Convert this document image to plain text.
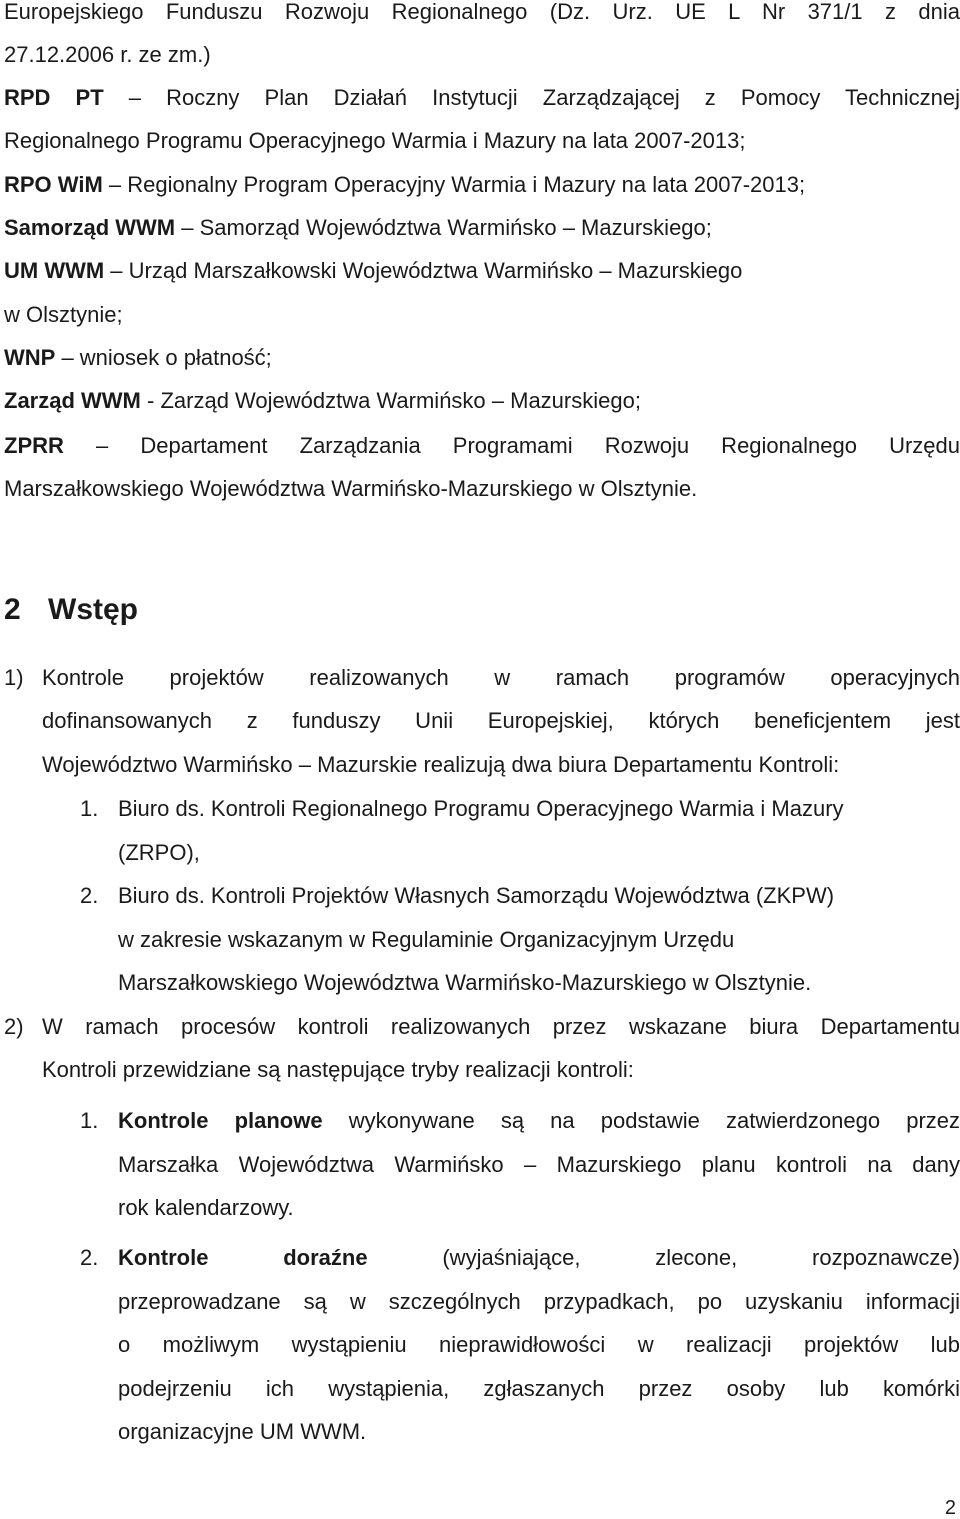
Europejskiego Funduszu Rozwoju Regionalnego (Dz. Urz. UE L Nr 371/1 z dnia
27.12.2006 r. ze zm.)
RPD PT – Roczny Plan Działań Instytucji Zarządzającej z Pomocy Technicznej
Regionalnego Programu Operacyjnego Warmia i Mazury na lata 2007-2013;
RPO WiM – Regionalny Program Operacyjny Warmia i Mazury na lata 2007-2013;
Samorząd WWM – Samorząd Województwa Warmińsko – Mazurskiego;
UM WWM – Urząd Marszałkowski Województwa Warmińsko – Mazurskiego
w Olsztynie;
WNP – wniosek o płatność;
Zarząd WWM - Zarząd Województwa Warmińsko – Mazurskiego;
ZPRR – Departament Zarządzania Programami Rozwoju Regionalnego Urzędu
Marszałkowskiego Województwa Warmińsko-Mazurskiego w Olsztynie.
2 Wstęp
1) Kontrole projektów realizowanych w ramach programów operacyjnych
dofinansowanych z funduszy Unii Europejskiej, których beneficjentem jest
Województwo Warmińsko – Mazurskie realizują dwa biura Departamentu Kontroli:
1. Biuro ds. Kontroli Regionalnego Programu Operacyjnego Warmia i Mazury
(ZRPO),
2. Biuro ds. Kontroli Projektów Własnych Samorządu Województwa (ZKPW)
w zakresie wskazanym w Regulaminie Organizacyjnym Urzędu
Marszałkowskiego Województwa Warmińsko-Mazurskiego w Olsztynie.
2) W ramach procesów kontroli realizowanych przez wskazane biura Departamentu
Kontroli przewidziane są następujące tryby realizacji kontroli:
1. Kontrole planowe wykonywane są na podstawie zatwierdzonego przez
Marszałka Województwa Warmińsko – Mazurskiego planu kontroli na dany
rok kalendarzowy.
2. Kontrole doraźne	(wyjaśniające, zlecone, rozpoznawcze)
przeprowadzane są w szczególnych przypadkach, po uzyskaniu informacji
o możliwym wystąpieniu nieprawidłowości w realizacji projektów lub
podejrzeniu ich wystąpienia, zgłaszanych przez osoby lub komórki
organizacyjne UM WWM.
2
